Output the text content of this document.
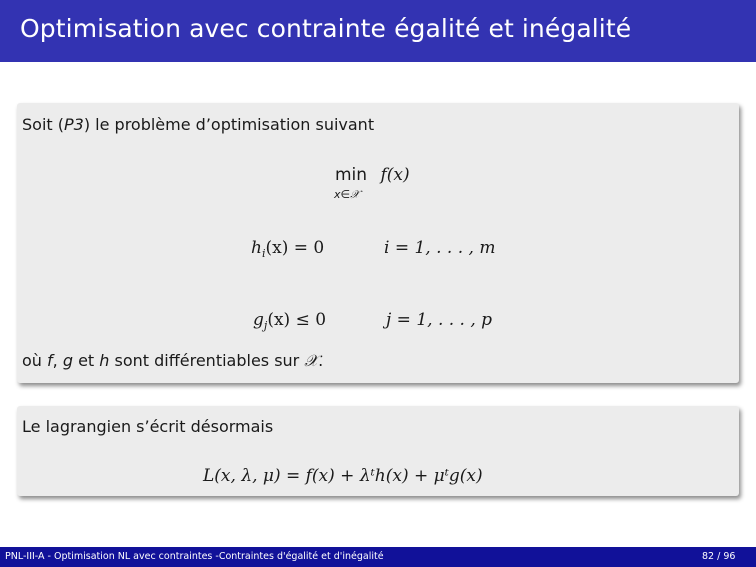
Optimisation avec contrainte égalité et inégalité
Soit (P3) le problème d’optimisation suivant
min f(x)
x∈𝒳
$h_i(x) = 0$	i = 1, . . . , m
$g_j(x) \le 0$	j = 1, . . . , p
où f, g et h sont différentiables sur 𝒳.
Le lagrangien s’écrit désormais
L(x, λ, μ) = f(x) + λᵗh(x) + μᵗg(x)
PNL-III-A - Optimisation NL avec contraintes -Contraintes d'égalité et d'inégalité	82 / 96
